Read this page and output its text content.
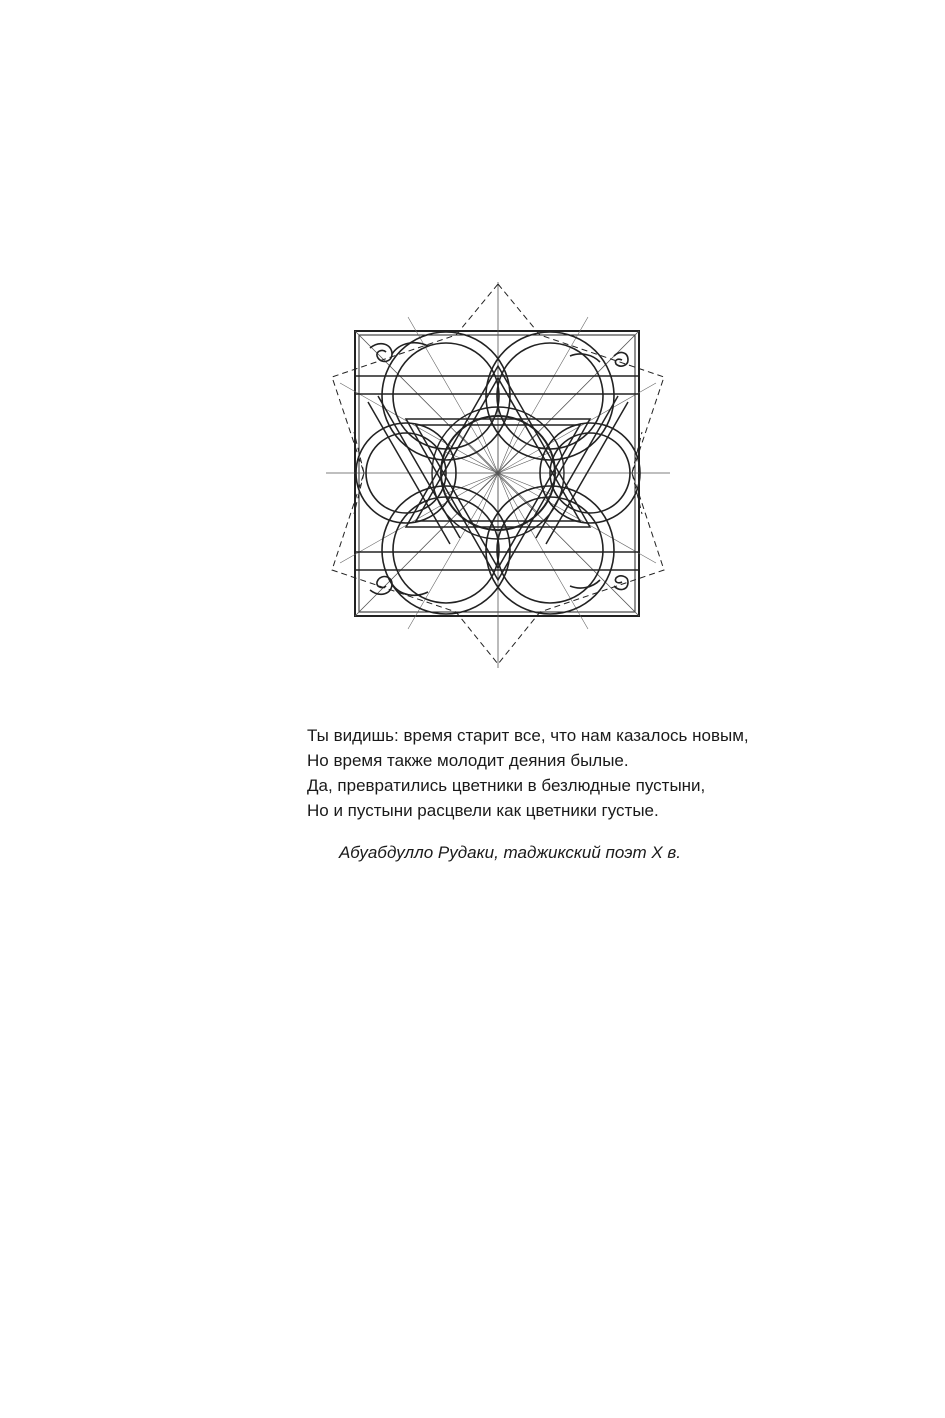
Ты видишь: время старит все, что нам казалось новым,
Но время также молодит деяния былые.
Да, превратились цветники в безлюдные пустыни,
Но и пустыни расцвели как цветники густые.
Абуабдулло Рудаки, таджикский поэт X в.
